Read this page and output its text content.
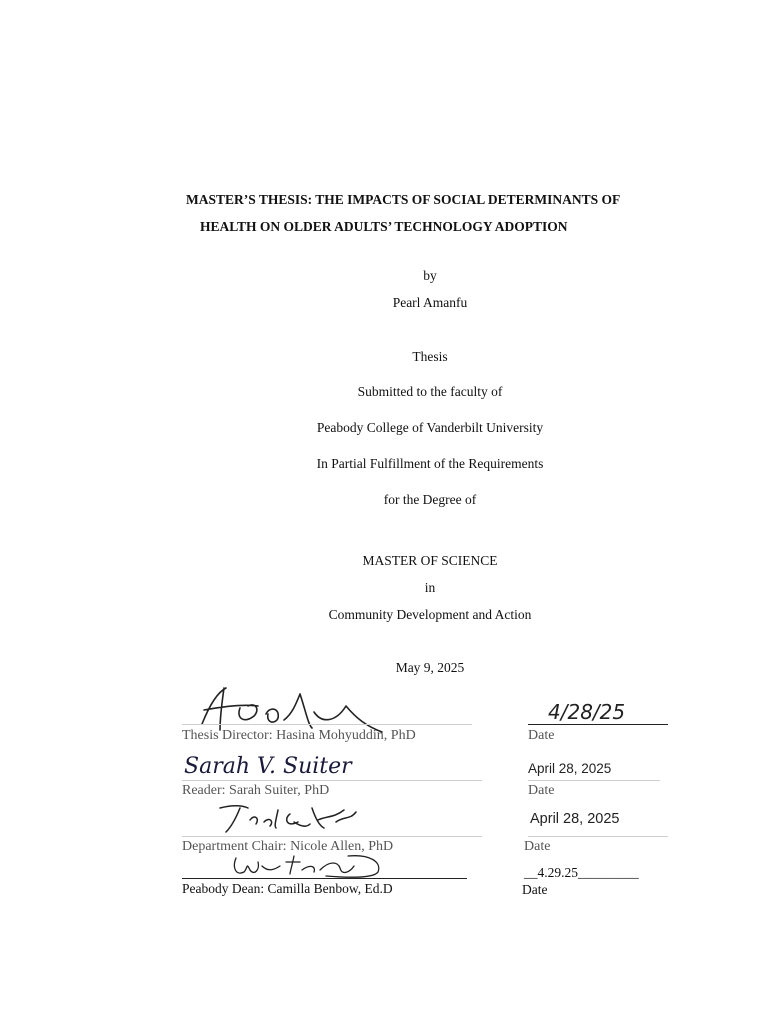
MASTER’S THESIS: THE IMPACTS OF SOCIAL DETERMINANTS OF
HEALTH ON OLDER ADULTS’ TECHNOLOGY ADOPTION
by
Pearl Amanfu
Thesis
Submitted to the faculty of
Peabody College of Vanderbilt University
In Partial Fulfillment of the Requirements
for the Degree of
MASTER OF SCIENCE
in
Community Development and Action
May 9, 2025
Thesis Director: Hasina Mohyuddin, PhD
4/28/25
Date
Sarah V. Suiter
Reader: Sarah Suiter, PhD
April 28, 2025
Date
Department Chair: Nicole Allen, PhD
April 28, 2025
Date
Peabody Dean: Camilla Benbow, Ed.D
__4.29.25_________
Date
